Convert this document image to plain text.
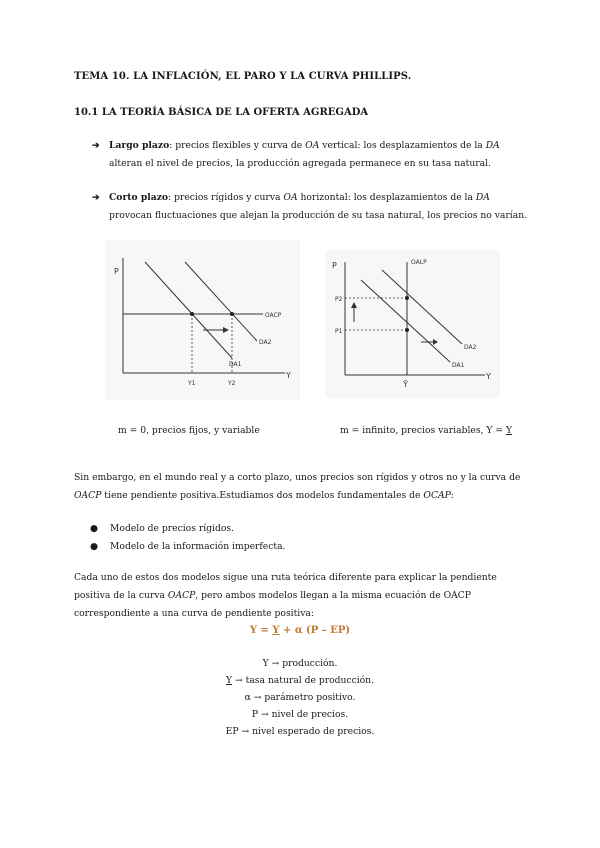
TEMA 10. LA INFLACIÓN, EL PARO Y LA CURVA PHILLIPS.
10.1 LA TEORÍA BÁSICA DE LA OFERTA AGREGADA
➔ Largo plazo: precios flexibles y curva de OA vertical: los desplazamientos de la DA alteran el nivel de precios, la producción agregada permanece en su tasa natural.
➔ Corto plazo: precios rígidos y curva OA horizontal: los desplazamientos de la DA provocan fluctuaciones que alejan la producción de su tasa natural, los precios no varían.
P
Y
OACP
DA1
DA2
Y1	Y2
P
Y
OALP
DA1
DA2
P2
P1
Ȳ
m = 0, precios fijos, y variable	m = infinito, precios variables, Y = Y
Sin embargo, en el mundo real y a corto plazo, unos precios son rígidos y otros no y la curva de OACP tiene pendiente positiva.Estudiamos dos modelos fundamentales de OCAP:
● Modelo de precios rígidos.
● Modelo de la información imperfecta.
Cada uno de estos dos modelos sigue una ruta teórica diferente para explicar la pendiente positiva de la curva OACP, pero ambos modelos llegan a la misma ecuación de OACP correspondiente a una curva de pendiente positiva:
Y = Y + α (P – EP)
Y → producción.
Y → tasa natural de producción.
α → parámetro positivo.
P → nivel de precios.
EP → nivel esperado de precios.
